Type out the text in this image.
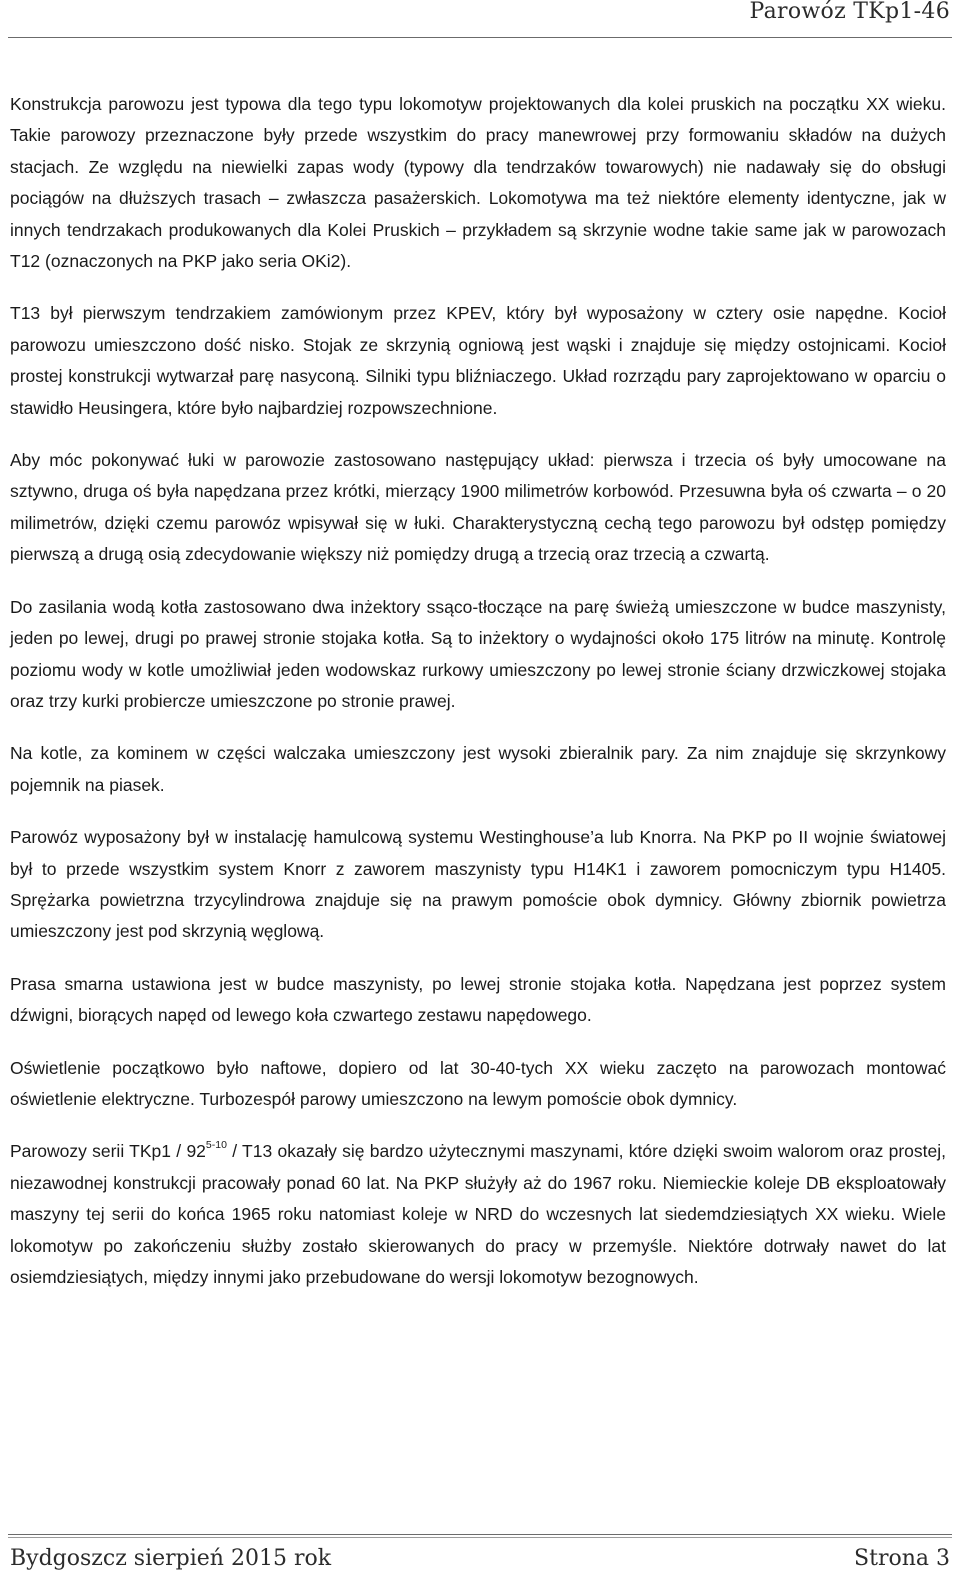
Parowóz TKp1-46

Konstrukcja parowozu jest typowa dla tego typu lokomotyw projektowanych dla kolei pruskich na początku XX wieku. Takie parowozy przeznaczone były przede wszystkim do pracy manewrowej przy formowaniu składów na dużych stacjach. Ze względu na niewielki zapas wody (typowy dla tendrzaków towarowych) nie nadawały się do obsługi pociągów na dłuższych trasach – zwłaszcza pasażerskich. Lokomotywa ma też niektóre elementy identyczne, jak w innych tendrzakach produkowanych dla Kolei Pruskich – przykładem są skrzynie wodne takie same jak w parowozach T12 (oznaczonych na PKP jako seria OKi2).

T13 był pierwszym tendrzakiem zamówionym przez KPEV, który był wyposażony w cztery osie napędne. Kocioł parowozu umieszczono dość nisko. Stojak ze skrzynią ogniową jest wąski i znajduje się między ostojnicami. Kocioł prostej konstrukcji wytwarzał parę nasyconą. Silniki typu bliźniaczego. Układ rozrządu pary zaprojektowano w oparciu o stawidło Heusingera, które było najbardziej rozpowszechnione.

Aby móc pokonywać łuki w parowozie zastosowano następujący układ: pierwsza i trzecia oś były umocowane na sztywno, druga oś była napędzana przez krótki, mierzący 1900 milimetrów korbowód. Przesuwna była oś czwarta – o 20 milimetrów, dzięki czemu parowóz wpisywał się w łuki. Charakterystyczną cechą tego parowozu był odstęp pomiędzy pierwszą a drugą osią zdecydowanie większy niż pomiędzy drugą a trzecią oraz trzecią a czwartą.

Do zasilania wodą kotła zastosowano dwa inżektory ssąco-tłoczące na parę świeżą umieszczone w budce maszynisty, jeden po lewej, drugi po prawej stronie stojaka kotła. Są to inżektory o wydajności około 175 litrów na minutę. Kontrolę poziomu wody w kotle umożliwiał jeden wodowskaz rurkowy umieszczony po lewej stronie ściany drzwiczkowej stojaka oraz trzy kurki probiercze umieszczone po stronie prawej.

Na kotle, za kominem w części walczaka umieszczony jest wysoki zbieralnik pary. Za nim znajduje się skrzynkowy pojemnik na piasek.

Parowóz wyposażony był w instalację hamulcową systemu Westinghouse’a lub Knorra. Na PKP po II wojnie światowej był to przede wszystkim system Knorr z zaworem maszynisty typu H14K1 i zaworem pomocniczym typu H1405. Sprężarka powietrzna trzycylindrowa znajduje się na prawym pomoście obok dymnicy. Główny zbiornik powietrza umieszczony jest pod skrzynią węglową.

Prasa smarna ustawiona jest w budce maszynisty, po lewej stronie stojaka kotła. Napędzana jest poprzez system dźwigni, biorących napęd od lewego koła czwartego zestawu napędowego.

Oświetlenie początkowo było naftowe, dopiero od lat 30-40-tych XX wieku zaczęto na parowozach montować oświetlenie elektryczne. Turbozespół parowy umieszczono na lewym pomoście obok dymnicy.

Parowozy serii TKp1 / 92$^{5-10}$ / T13 okazały się bardzo użytecznymi maszynami, które dzięki swoim walorom oraz prostej, niezawodnej konstrukcji pracowały ponad 60 lat. Na PKP służyły aż do 1967 roku. Niemieckie koleje DB eksploatowały maszyny tej serii do końca 1965 roku natomiast koleje w NRD do wczesnych lat siedemdziesiątych XX wieku. Wiele lokomotyw po zakończeniu służby zostało skierowanych do pracy w przemyśle. Niektóre dotrwały nawet do lat osiemdziesiątych, między innymi jako przebudowane do wersji lokomotyw bezognowych.

Bydgoszcz sierpień 2015 rok	Strona 3
